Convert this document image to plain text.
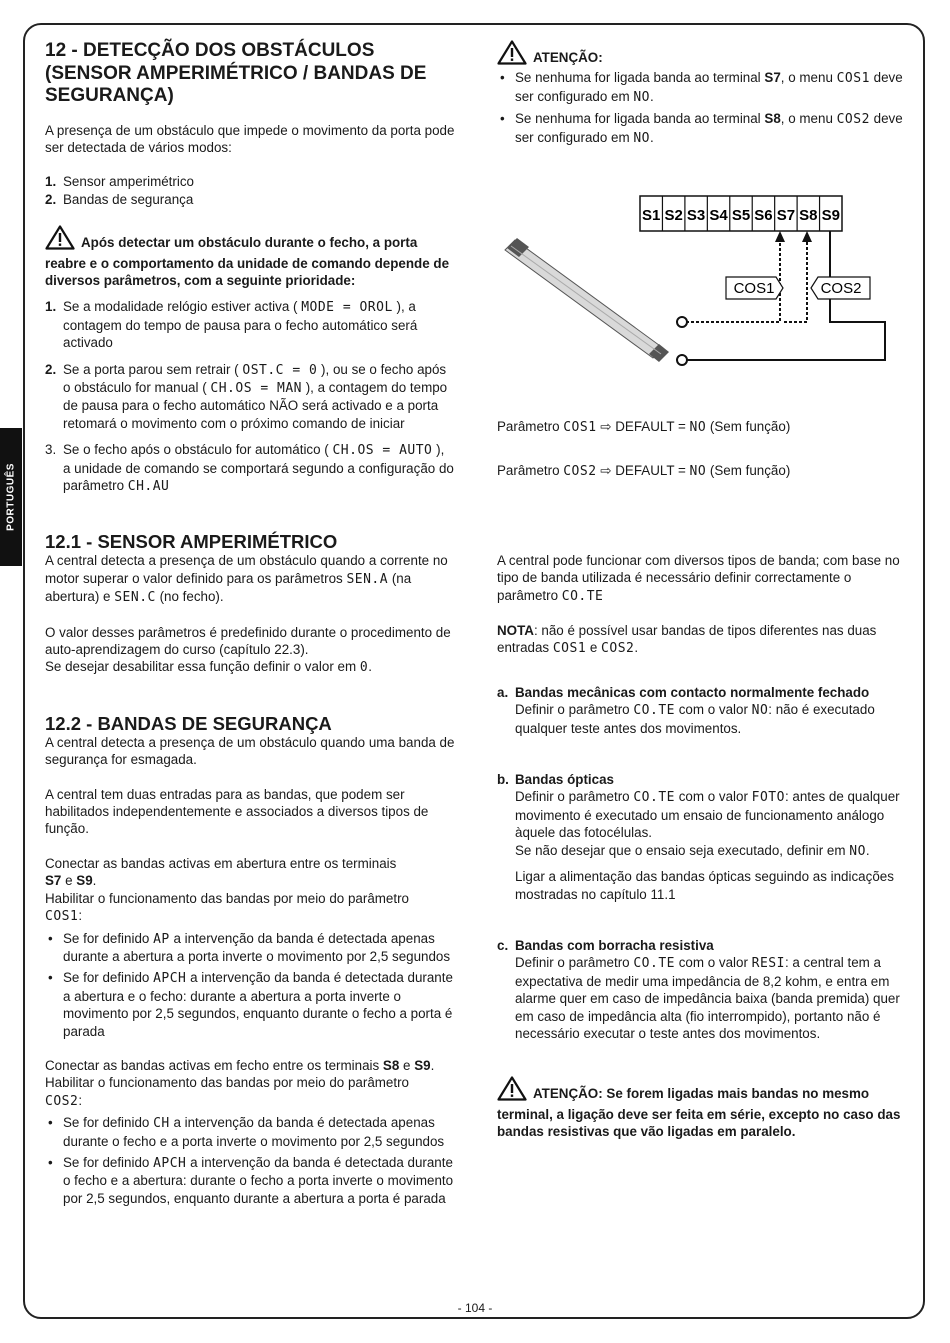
PORTUGUÊS
12 - DETECÇÃO DOS OBSTÁCULOS (SENSOR AMPERIMÉTRICO / BANDAS DE SEGURANÇA)

A presença de um obstáculo que impede o movimento da porta pode ser detectada de vários modos:

1. Sensor amperimétrico
2. Bandas de segurança

Após detectar um obstáculo durante o fecho, a porta reabre e o comportamento da unidade de comando depende de diversos parâmetros, com a seguinte prioridade:

1. Se a modalidade relógio estiver activa ( MODE = OROL ), a contagem do tempo de pausa para o fecho automático será activado
2. Se a porta parou sem retrair ( OST.C = 0 ), ou se o fecho após o obstáculo for manual ( CH.OS = MAN ), a contagem do tempo de pausa para o fecho automático NÃO será activado e a porta retomará o movimento com o próximo comando de iniciar
3. Se o fecho após o obstáculo for automático ( CH.OS = AUTO ), a unidade de comando se comportará segundo a configuração do parâmetro CH.AU
12.1 - SENSOR AMPERIMÉTRICO

A central detecta a presença de um obstáculo quando a corrente no motor superar o valor definido para os parâmetros SEN.A (na abertura) e SEN.C (no fecho).

O valor desses parâmetros é predefinido durante o procedimento de auto-aprendizagem do curso (capítulo 22.3).

Se desejar desabilitar essa função definir o valor em 0.

12.2 - BANDAS DE SEGURANÇA

A central detecta a presença de um obstáculo quando uma banda de segurança for esmagada.

A central tem duas entradas para as bandas, que podem ser habilitados independentemente e associados a diversos tipos de função.

Conectar as bandas activas em abertura entre os terminais
S7 e S9.
Habilitar o funcionamento das bandas por meio do parâmetro
COS1:

• Se for definido AP a intervenção da banda é detectada apenas durante a abertura a porta inverte o movimento por 2,5 segundos
• Se for definido APCH a intervenção da banda é detectada durante a abertura e o fecho: durante a abertura a porta inverte o movimento por 2,5 segundos, enquanto durante o fecho a porta é parada

Conectar as bandas activas em fecho entre os terminais S8 e S9.
Habilitar o funcionamento das bandas por meio do parâmetro
COS2:

• Se for definido CH a intervenção da banda é detectada apenas durante o fecho e a porta inverte o movimento por 2,5 segundos
• Se for definido APCH a intervenção da banda é detectada durante o fecho e a abertura: durante o fecho a porta inverte o movimento por 2,5 segundos, enquanto durante a abertura a porta é parada

ATENÇÃO:

• Se nenhuma for ligada banda ao terminal S7, o menu COS1 deve ser configurado em NO.
• Se nenhuma for ligada banda ao terminal S8, o menu COS2 deve ser configurado em NO.
S1 S2 S3 S4 S5 S6 S7 S8 S9
COS1	COS2

Parâmetro COS1 ⇨ DEFAULT = NO (Sem função)

Parâmetro COS2 ⇨ DEFAULT = NO (Sem função)

A central pode funcionar com diversos tipos de banda; com base no tipo de banda utilizada é necessário definir correctamente o parâmetro CO.TE

NOTA: não é possível usar bandas de tipos diferentes nas duas entradas COS1 e COS2.

a. Bandas mecânicas com contacto normalmente fechado
Definir o parâmetro CO.TE com o valor NO: não é executado qualquer teste antes dos movimentos.
b. Bandas ópticas
Definir o parâmetro CO.TE com o valor FOTO: antes de qualquer movimento é executado um ensaio de funcionamento análogo àquele das fotocélulas.
Se não desejar que o ensaio seja executado, definir em NO.

Ligar a alimentação das bandas ópticas seguindo as indicações mostradas no capítulo 11.1

c. Bandas com borracha resistiva
Definir o parâmetro CO.TE com o valor RESI: a central tem a expectativa de medir uma impedância de 8,2 kohm, e entra em alarme quer em caso de impedância baixa (banda premida) quer em caso de impedância alta (fio interrompido), portanto não é necessário executar o teste antes dos movimentos.

ATENÇÃO: Se forem ligadas mais bandas no mesmo terminal, a ligação deve ser feita em série, excepto no caso das bandas resistivas que vão ligadas em paralelo.

- 104 -
